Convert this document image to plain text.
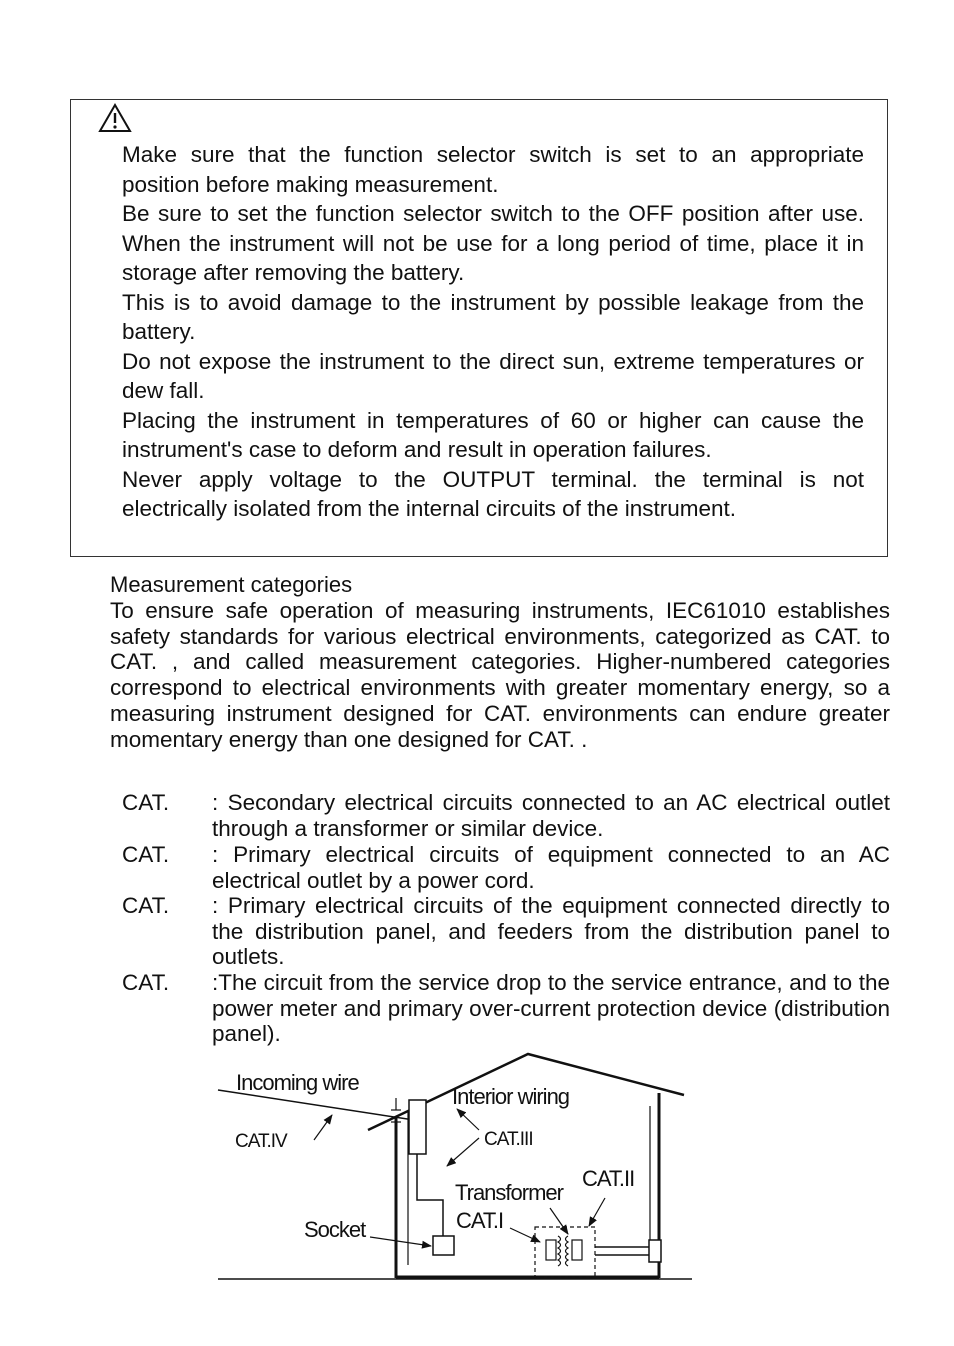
Make sure that the function selector switch is set to an appropriate position before making measurement.
Be sure to set the function selector switch to the OFF position after use. When the instrument will not be use for a long period of time, place it in storage after removing the battery.
This is to avoid damage to the instrument by possible leakage from the battery.
Do not expose the instrument to the direct sun, extreme temperatures or dew fall.
Placing the instrument in temperatures of 60 or higher can cause the instrument's case to deform and result in operation failures.
Never apply voltage to the OUTPUT terminal. the terminal is not electrically isolated from the internal circuits of the instrument.
Measurement categories
To ensure safe operation of measuring instruments, IEC61010 establishes safety standards for various electrical environments, categorized as CAT. to CAT. , and called measurement categories. Higher-numbered categories correspond to electrical environments with greater momentary energy, so a measuring instrument designed for CAT. environments can endure greater momentary energy than one designed for CAT. .
CAT. : Secondary electrical circuits connected to an AC electrical outlet through a transformer or similar device.
CAT. : Primary electrical circuits of equipment connected to an AC electrical outlet by a power cord.
CAT. : Primary electrical circuits of the equipment connected directly to the distribution panel, and feeders from the distribution panel to outlets.
CAT. :The circuit from the service drop to the service entrance, and to the power meter and primary over-current protection device (distribution panel).
Incoming wire
Interior wiring
CAT.IV	CAT.III
CAT.II
Transformer
CAT.I
Socket
